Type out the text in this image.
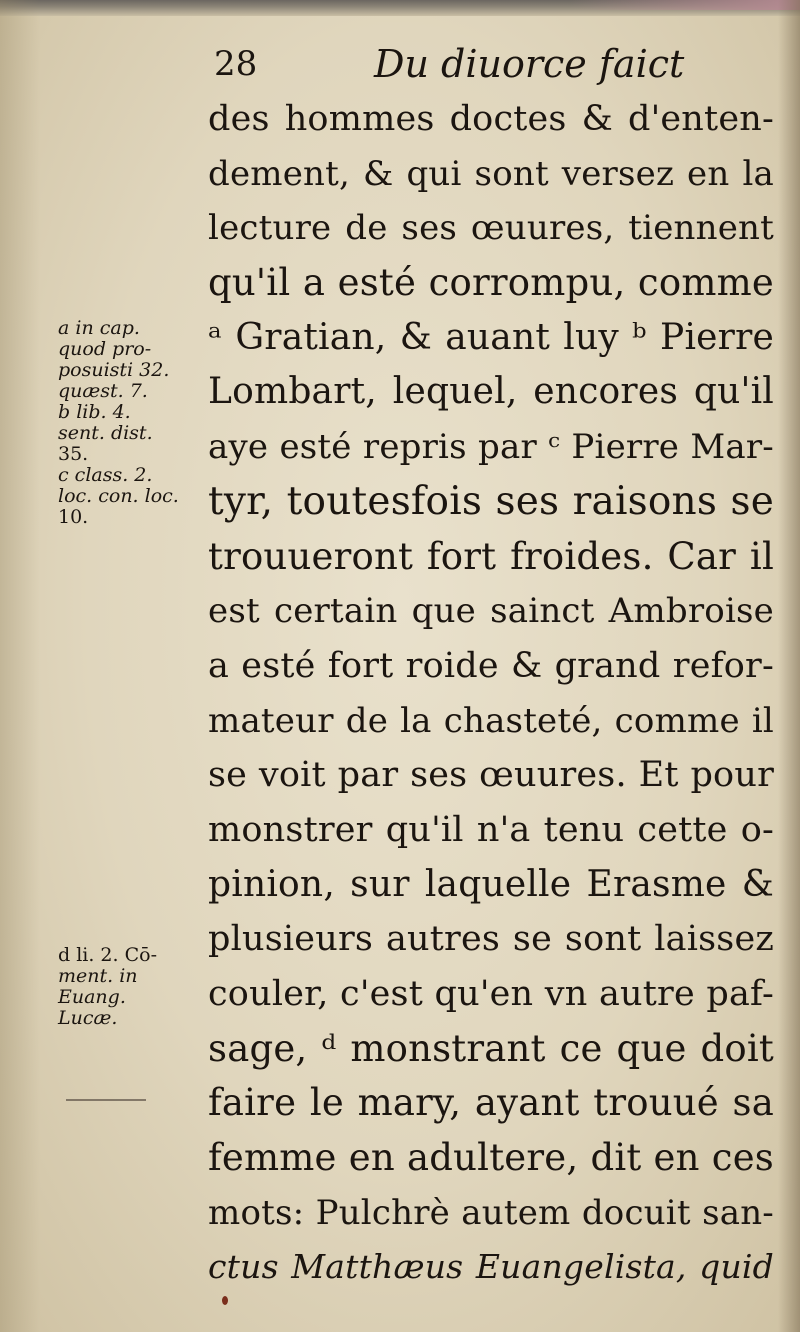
28	Du diuorce faict
des hommes doctes & d'enten-
dement, & qui sont versez en la
lecture de ses œuures, tiennent
qu'il a esté corrompu, comme
ᵃ Gratian, & auant luy ᵇ Pierre
Lombart, lequel, encores qu'il
aye esté repris par ᶜ Pierre Mar-
tyr, toutesfois ses raisons se
trouueront fort froides. Car il
est certain que sainct Ambroise
a esté fort roide & grand refor-
mateur de la chasteté, comme il
se voit par ses œuures. Et pour
monstrer qu'il n'a tenu cette o-
pinion, sur laquelle Erasme &
plusieurs autres se sont laissez
couler, c'est qu'en vn autre paf-
sage, ᵈ monstrant ce que doit
faire le mary, ayant trouué sa
femme en adultere, dit en ces
mots: Pulchrè autem docuit san-
ctus Matthæus Euangelista, quid
a in cap.
quod pro-
posuisti 32.
quæst. 7.
b lib. 4.
sent. dist.
35.
c class. 2.
loc. con. loc.
10.
d li. 2. Cō-
ment. in
Euang.
Lucæ.
